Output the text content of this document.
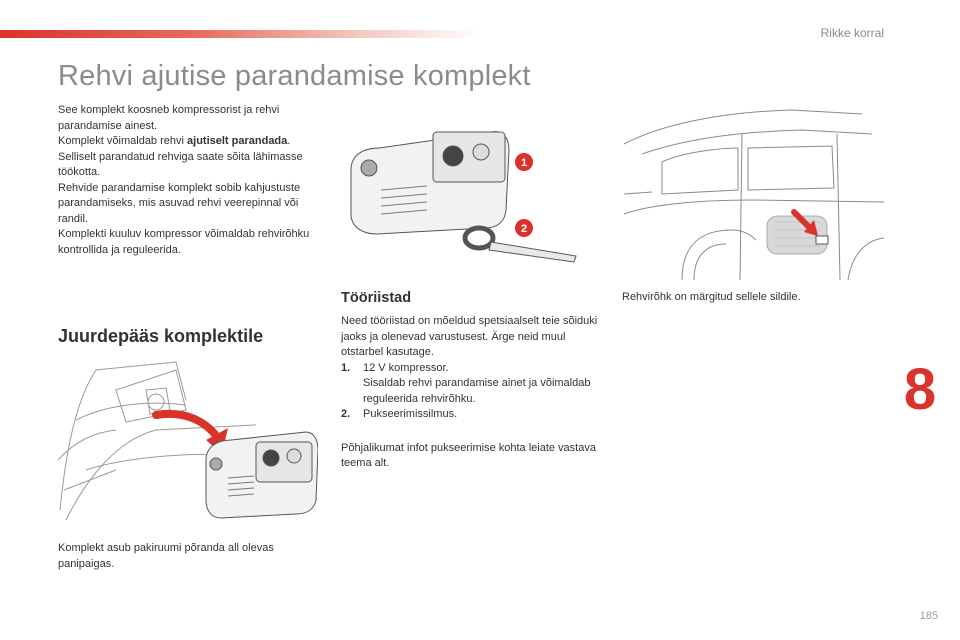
Rikke korral
Rehvi ajutise parandamise komplekt

See komplekt koosneb kompressorist ja rehvi parandamise ainest.

Komplekt võimaldab rehvi ajutiselt parandada.

Selliselt parandatud rehviga saate sõita lähimasse töökotta.

Rehvide parandamise komplekt sobib kahjustuste parandamiseks, mis asuvad rehvi veerepinnal või randil.

Komplekti kuuluv kompressor võimaldab rehvirõhku kontrollida ja reguleerida.

Juurdepääs komplektile

Komplekt asub pakiruumi põranda all olevas panipaigas.

1
2
Tööriistad

Need tööriistad on mõeldud spetsiaalselt teie sõiduki jaoks ja olenevad varustusest. Ärge neid muul otstarbel kasutage.

1. 12 V kompressor.
Sisaldab rehvi parandamise ainet ja võimaldab reguleerida rehvirõhku.
2. Pukseerimissilmus.

Põhjalikumat infot pukseerimise kohta leiate vastava teema alt.

Rehvirõhk on märgitud sellele sildile.

8
185
